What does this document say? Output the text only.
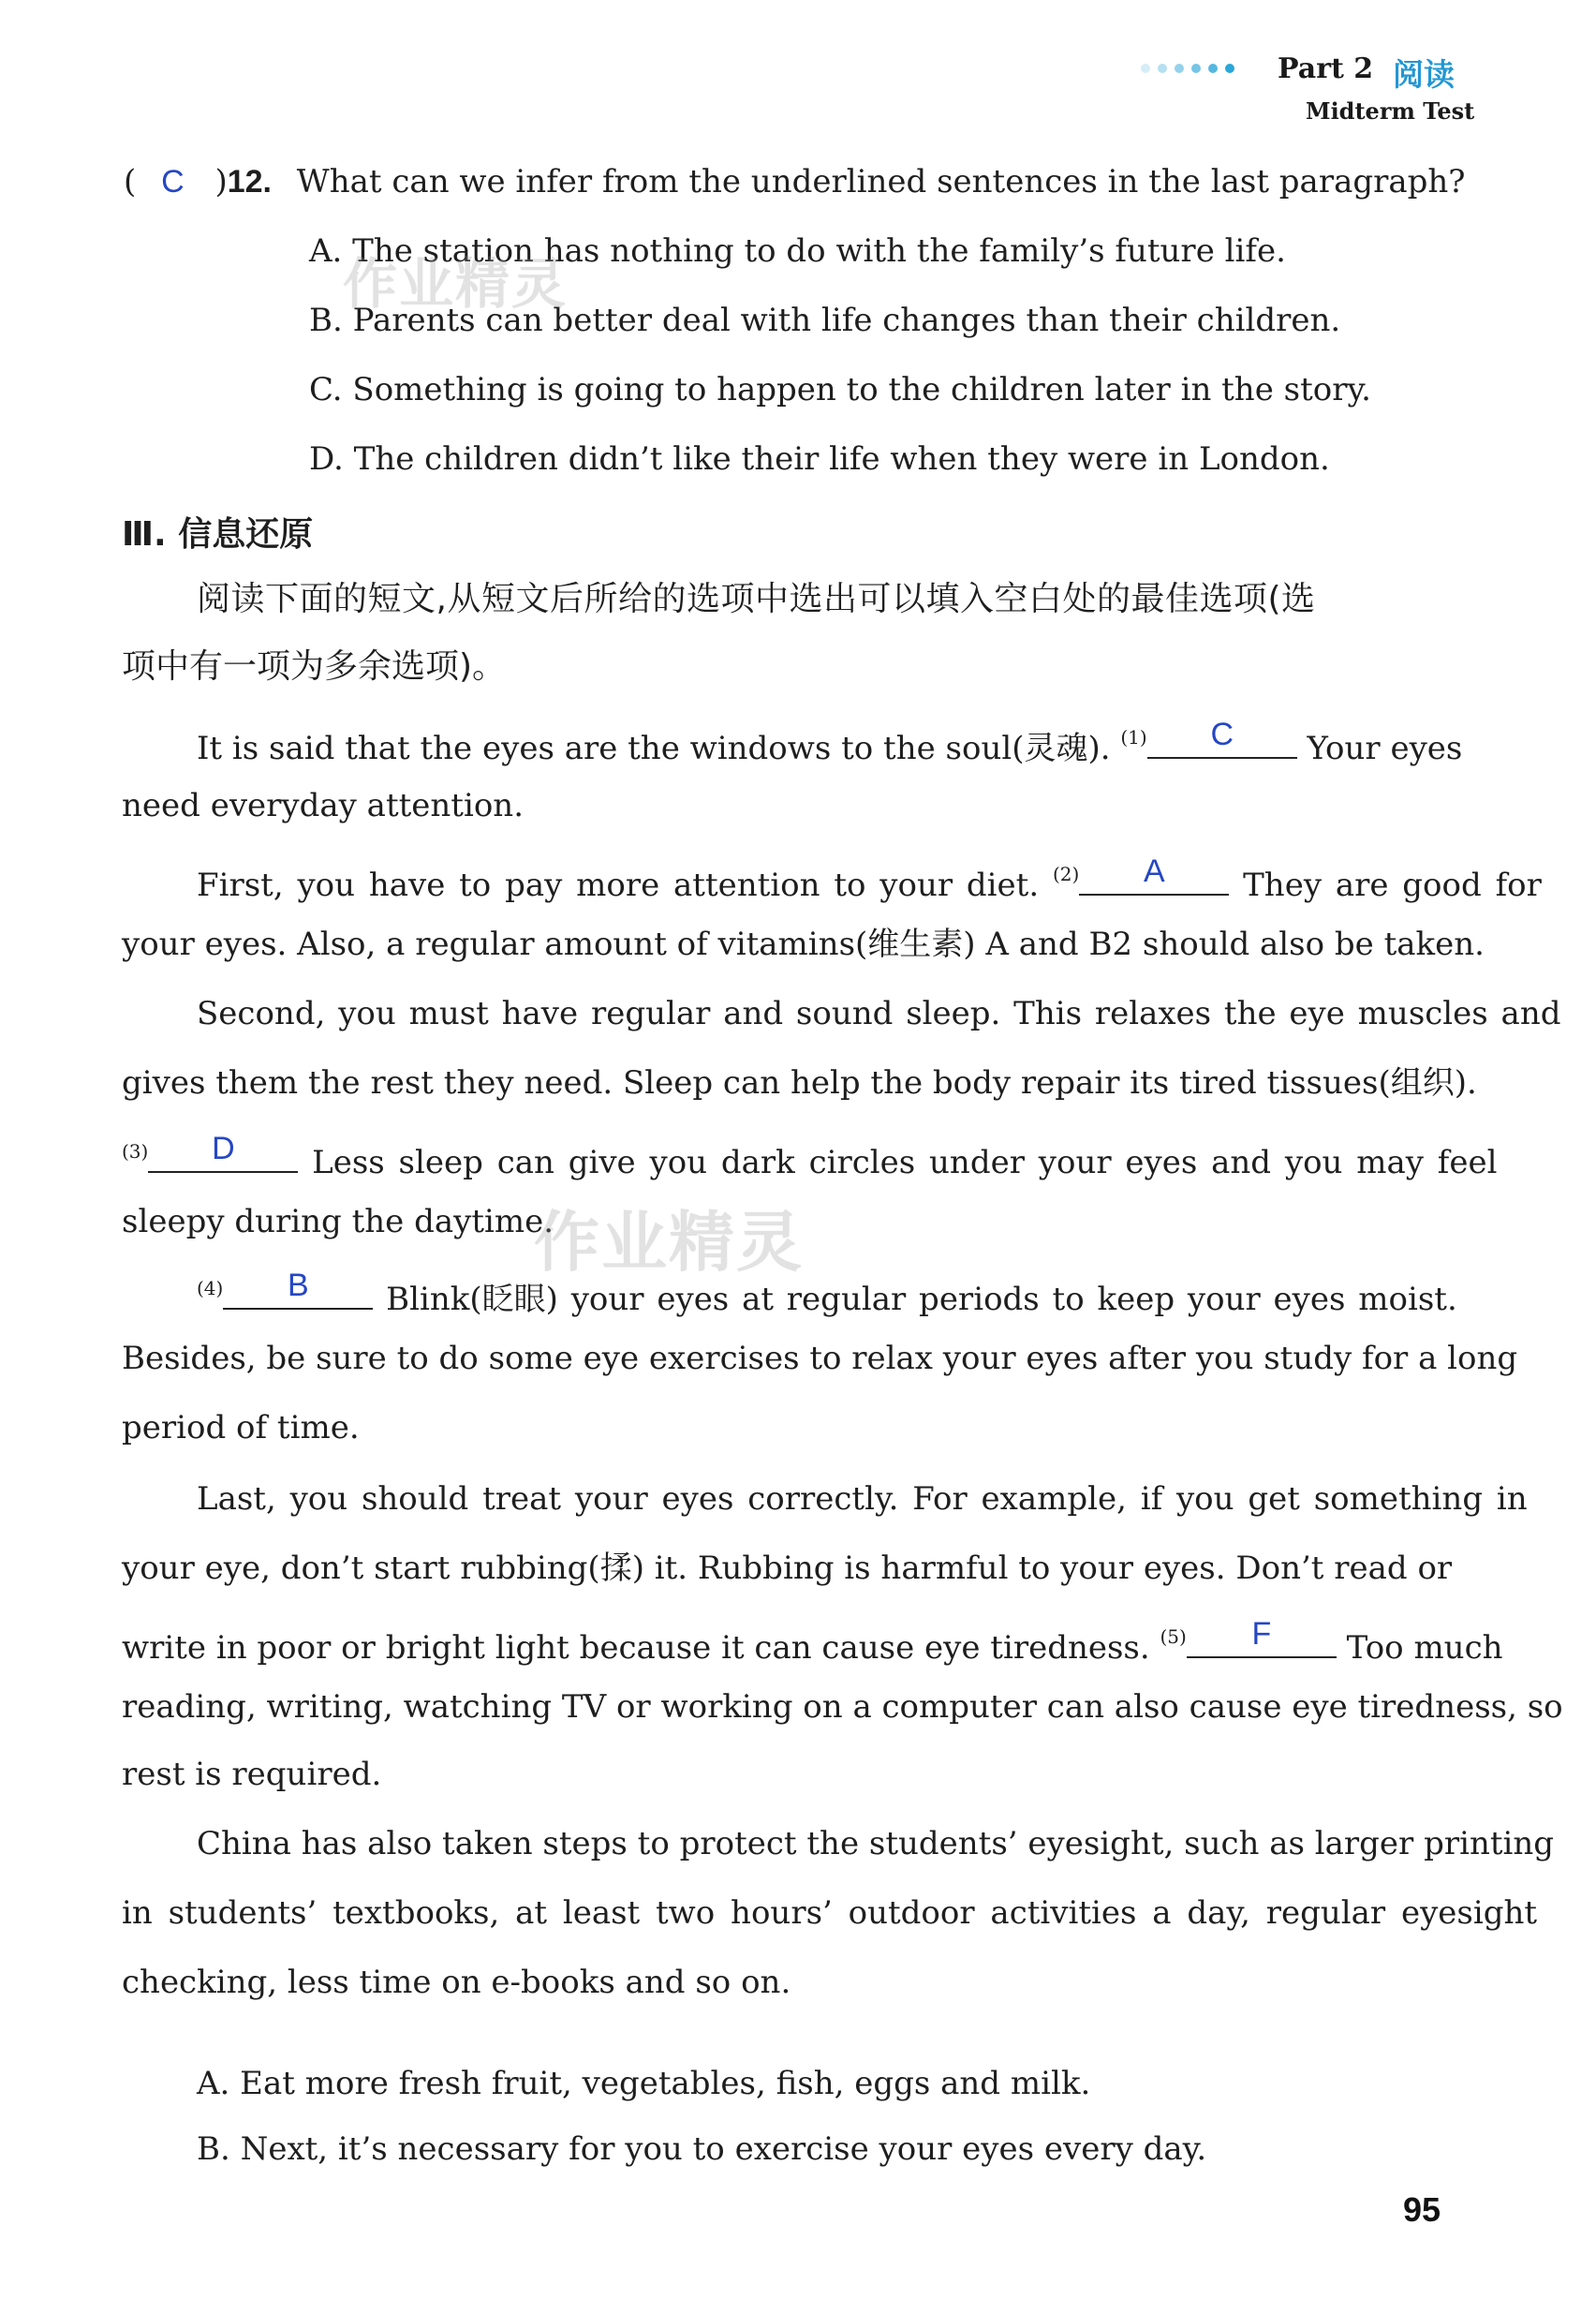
Part 2 阅读
Midterm Test
( C )12. What can we infer from the underlined sentences in the last paragraph?
A. The station has nothing to do with the family’s future life.
B. Parents can better deal with life changes than their children.
C. Something is going to happen to the children later in the story.
D. The children didn’t like their life when they were in London.
Ⅲ. 信息还原
阅读下面的短文,从短文后所给的选项中选出可以填入空白处的最佳选项(选
项中有一项为多余选项)。
It is said that the eyes are the windows to the soul(灵魂). $^{(1)}$	C	Your eyes
need everyday attention.
First, you have to pay more attention to your diet. $^{(2)}$	A	They are good for
your eyes. Also, a regular amount of vitamins(维生素) A and B2 should also be taken.
Second, you must have regular and sound sleep. This relaxes the eye muscles and
gives them the rest they need. Sleep can help the body repair its tired tissues(组织).
$^{(3)}$	D	Less sleep can give you dark circles under your eyes and you may feel
sleepy during the daytime.
$^{(4)}$	B	Blink(眨眼) your eyes at regular periods to keep your eyes moist.
Besides, be sure to do some eye exercises to relax your eyes after you study for a long
period of time.
Last, you should treat your eyes correctly. For example, if you get something in
your eye, don’t start rubbing(揉) it. Rubbing is harmful to your eyes. Don’t read or
write in poor or bright light because it can cause eye tiredness. $^{(5)}$	F	Too much
reading, writing, watching TV or working on a computer can also cause eye tiredness, so
rest is required.
China has also taken steps to protect the students’ eyesight, such as larger printing
in students’ textbooks, at least two hours’ outdoor activities a day, regular eyesight
checking, less time on e-books and so on.
A. Eat more fresh fruit, vegetables, fish, eggs and milk.
B. Next, it’s necessary for you to exercise your eyes every day.
作业精灵
作业精灵
95
